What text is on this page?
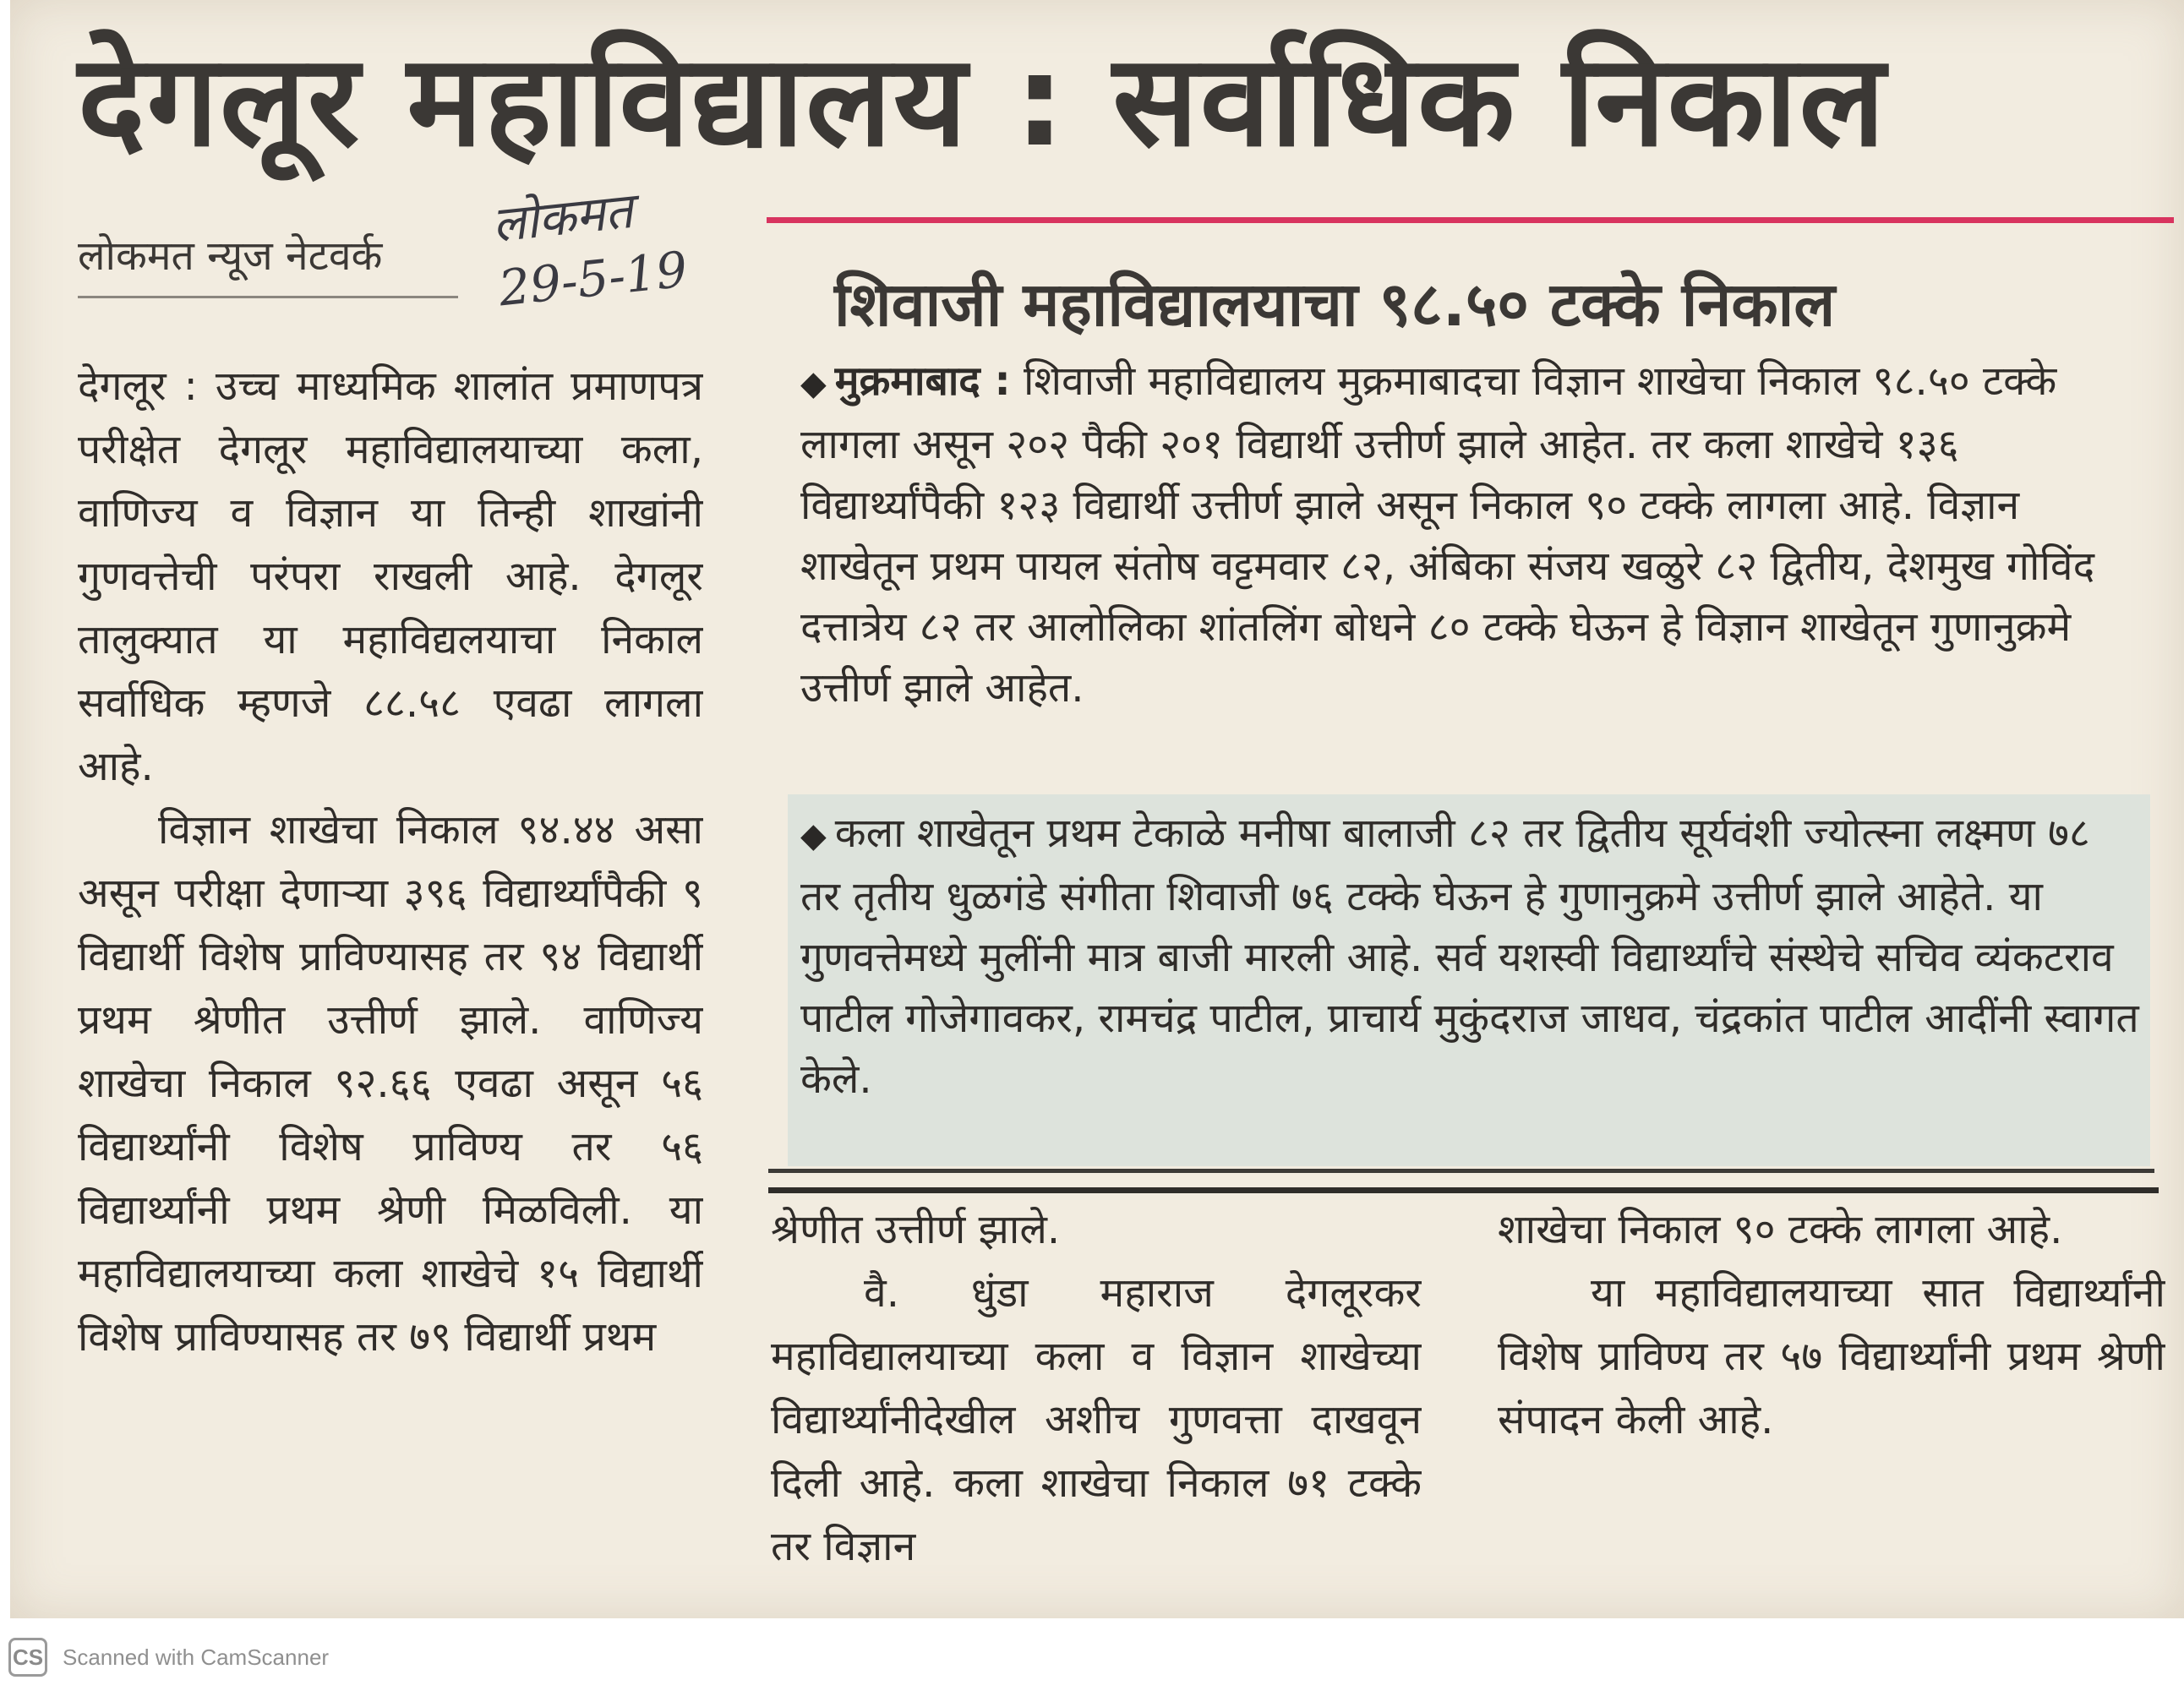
देगलूर महाविद्यालय : सर्वाधिक निकाल
लोकमत न्यूज नेटवर्क
लोकमत
29-5-19

देगलूर : उच्च माध्यमिक शालांत प्रमाणपत्र परीक्षेत देगलूर महाविद्यालयाच्या कला, वाणिज्य व विज्ञान या तिन्ही शाखांनी गुणवत्तेची परंपरा राखली आहे. देगलूर तालुक्यात या महाविद्यलयाचा निकाल सर्वाधिक म्हणजे ८८.५८ एवढा लागला आहे.

विज्ञान शाखेचा निकाल ९४.४४ असा असून परीक्षा देणाऱ्या ३९६ विद्यार्थ्यांपैकी ९ विद्यार्थी विशेष प्राविण्यासह तर ९४ विद्यार्थी प्रथम श्रेणीत उत्तीर्ण झाले. वाणिज्य शाखेचा निकाल ९२.६६ एवढा असून ५६ विद्यार्थ्यांनी विशेष प्राविण्य तर ५६ विद्यार्थ्यांनी प्रथम श्रेणी मिळविली. या महाविद्यालयाच्या कला शाखेचे १५ विद्यार्थी विशेष प्राविण्यासह तर ७९ विद्यार्थी प्रथम

शिवाजी महाविद्यालयाचा ९८.५० टक्के निकाल
◆ मुक्रमाबाद : शिवाजी महाविद्यालय मुक्रमाबादचा विज्ञान शाखेचा निकाल ९८.५० टक्के लागला असून २०२ पैकी २०१ विद्यार्थी उत्तीर्ण झाले आहेत. तर कला शाखेचे १३६ विद्यार्थ्यांपैकी १२३ विद्यार्थी उत्तीर्ण झाले असून निकाल ९० टक्के लागला आहे. विज्ञान शाखेतून प्रथम पायल संतोष वट्टमवार ८२, अंबिका संजय खळुरे ८२ द्वितीय, देशमुख गोविंद दत्तात्रेय ८२ तर आलोलिका शांतलिंग बोधने ८० टक्के घेऊन हे विज्ञान शाखेतून गुणानुक्रमे उत्तीर्ण झाले आहेत.
◆ कला शाखेतून प्रथम टेकाळे मनीषा बालाजी ८२ तर द्वितीय सूर्यवंशी ज्योत्स्ना लक्ष्मण ७८ तर तृतीय धुळगंडे संगीता शिवाजी ७६ टक्के घेऊन हे गुणानुक्रमे उत्तीर्ण झाले आहेते. या गुणवत्तेमध्ये मुलींनी मात्र बाजी मारली आहे. सर्व यशस्वी विद्यार्थ्यांचे संस्थेचे सचिव व्यंकटराव पाटील गोजेगावकर, रामचंद्र पाटील, प्राचार्य मुकुंदराज जाधव, चंद्रकांत पाटील आदींनी स्वागत केले.

श्रेणीत उत्तीर्ण झाले.

वै. धुंडा महाराज देगलूरकर महाविद्यालयाच्या कला व विज्ञान शाखेच्या विद्यार्थ्यांनीदेखील अशीच गुणवत्ता दाखवून दिली आहे. कला शाखेचा निकाल ७१ टक्के तर विज्ञान

शाखेचा निकाल ९० टक्के लागला आहे.

या महाविद्यालयाच्या सात विद्यार्थ्यांनी विशेष प्राविण्य तर ५७ विद्यार्थ्यांनी प्रथम श्रेणी संपादन केली आहे.

CS Scanned with CamScanner
